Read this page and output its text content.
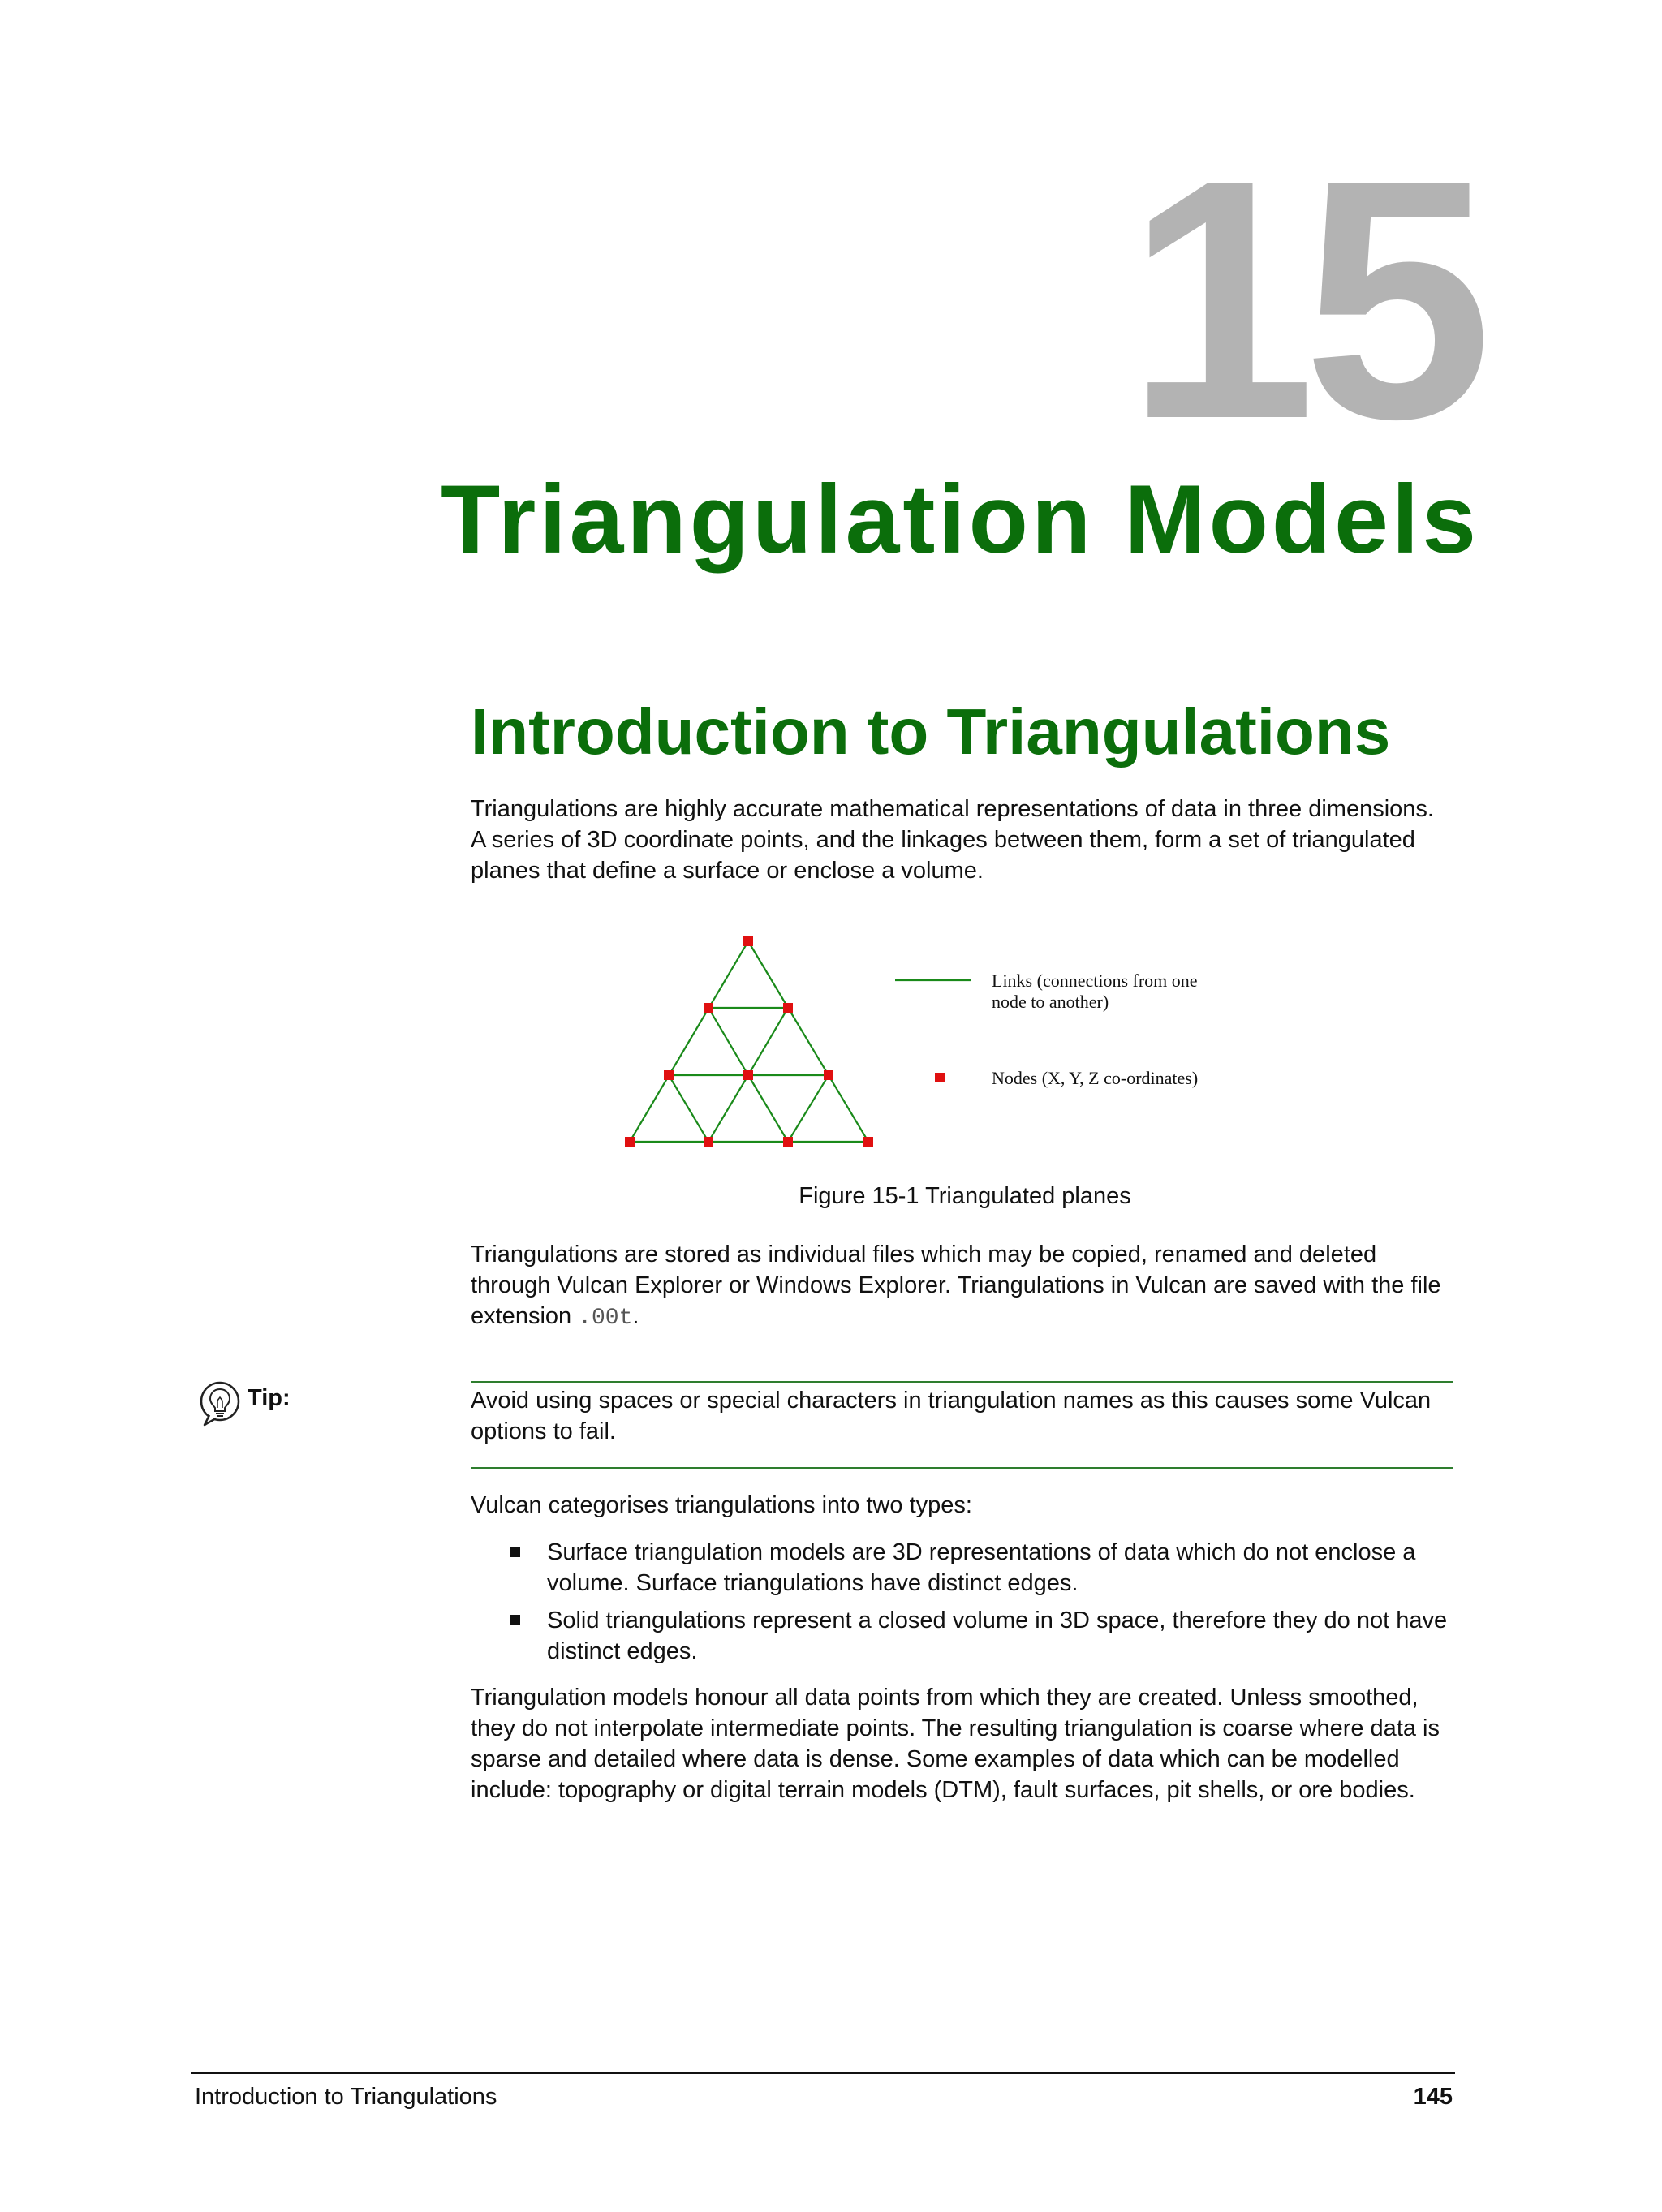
15
Triangulation Models
Introduction to Triangulations
Triangulations are highly accurate mathematical representations of data in three dimensions. A series of 3D coordinate points, and the linkages between them, form a set of triangulated planes that define a surface or enclose a volume.
Links (connections from one
node to another)
Nodes (X, Y, Z co-ordinates)
Figure 15-1 Triangulated planes
Triangulations are stored as individual files which may be copied, renamed and deleted through Vulcan Explorer or Windows Explorer. Triangulations in Vulcan are saved with the file extension .00t.
Tip:	Avoid using spaces or special characters in triangulation names as this causes some Vulcan options to fail.
Vulcan categorises triangulations into two types:
Surface triangulation models are 3D representations of data which do not enclose a volume. Surface triangulations have distinct edges.
Solid triangulations represent a closed volume in 3D space, therefore they do not have distinct edges.
Triangulation models honour all data points from which they are created. Unless smoothed, they do not interpolate intermediate points. The resulting triangulation is coarse where data is sparse and detailed where data is dense. Some examples of data which can be modelled include: topography or digital terrain models (DTM), fault surfaces, pit shells, or ore bodies.
Introduction to Triangulations	145
